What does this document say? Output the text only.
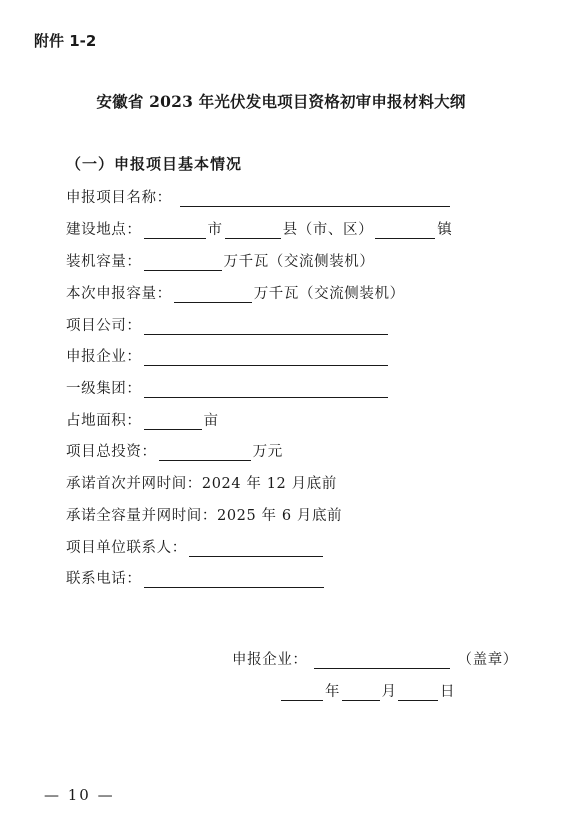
附件 1-2
安徽省 2023 年光伏发电项目资格初审申报材料大纲
（一）申报项目基本情况
申报项目名称：
建设地点：	市	县（市、区）	镇
装机容量：	万千瓦（交流侧装机）
本次申报容量：	万千瓦（交流侧装机）
项目公司：
申报企业：
一级集团：
占地面积：	亩
项目总投资：	万元
承诺首次并网时间：2024 年 12 月底前
承诺全容量并网时间：2025 年 6 月底前
项目单位联系人：
联系电话：
申报企业：	（盖章）
年	月	日
— 10 —
